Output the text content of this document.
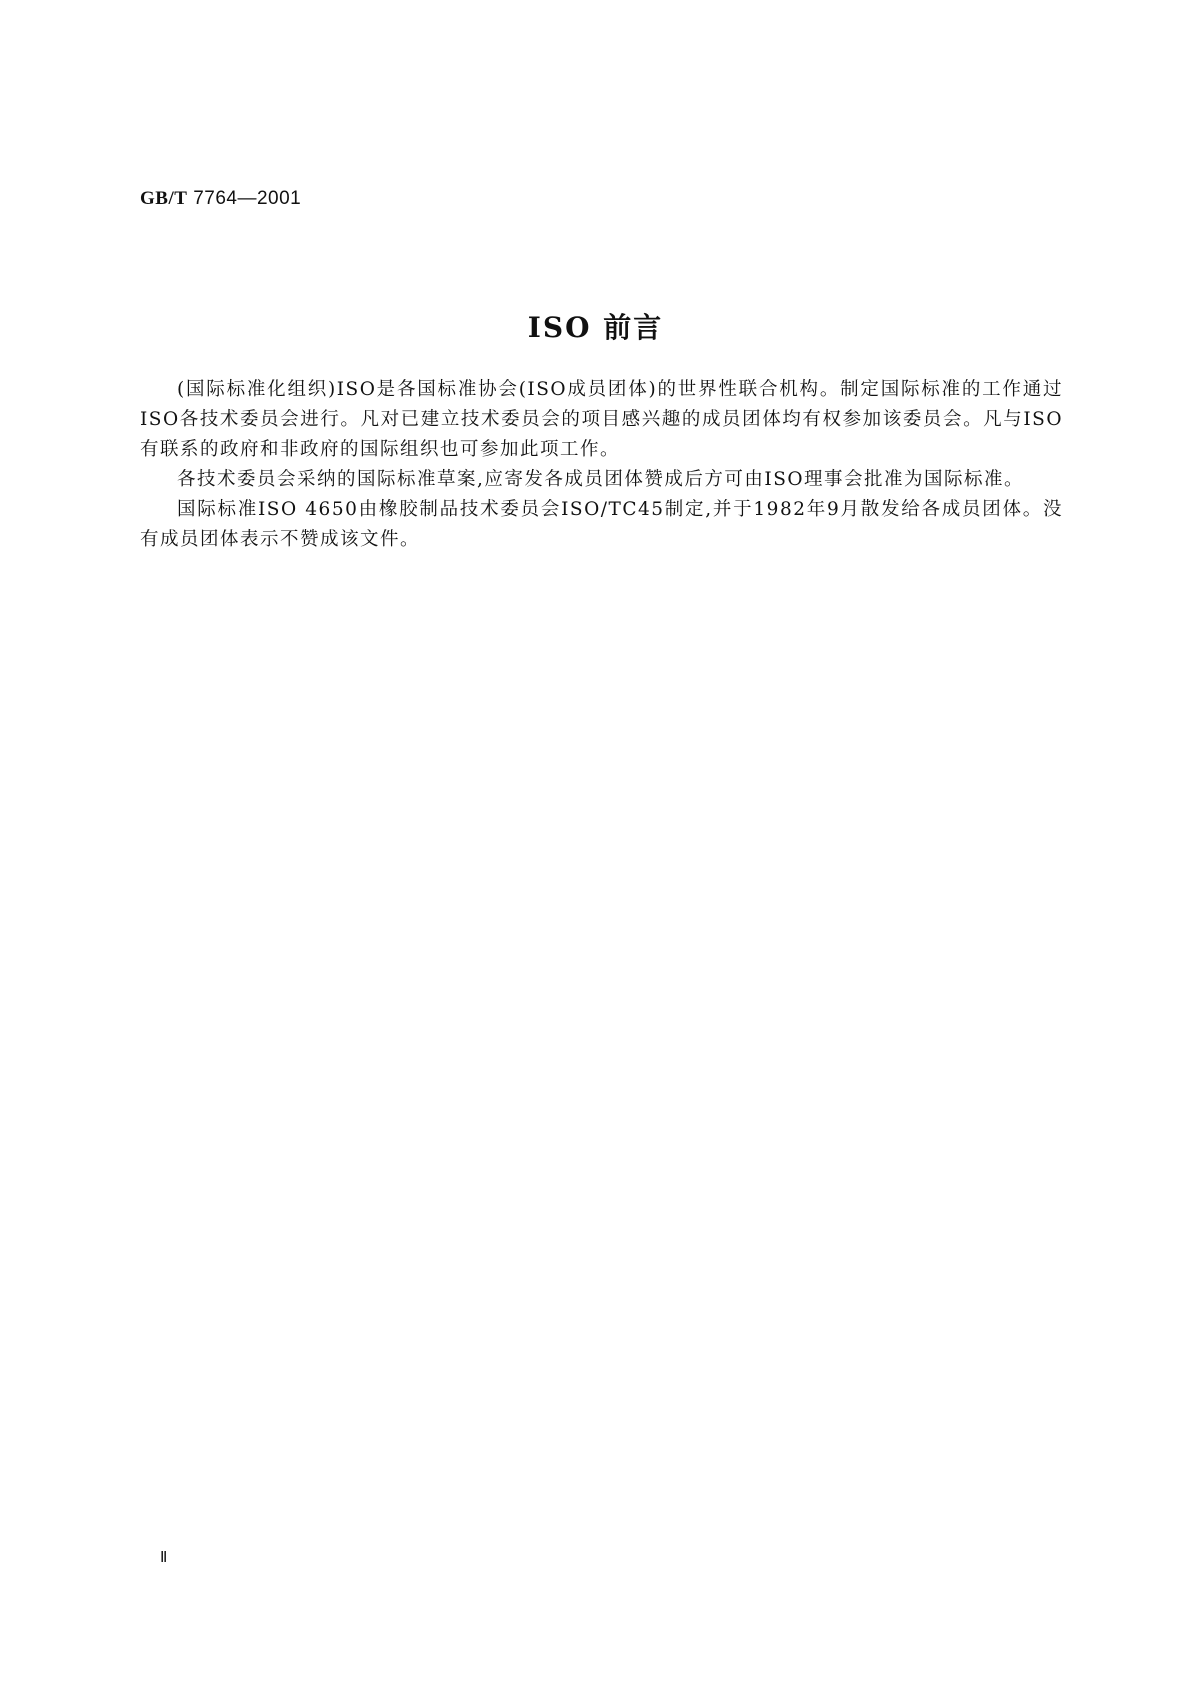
GB/T 7764—2001
ISO 前言

(国际标准化组织)ISO是各国标准协会(ISO成员团体)的世界性联合机构。制定国际标准的工作通过ISO各技术委员会进行。凡对已建立技术委员会的项目感兴趣的成员团体均有权参加该委员会。凡与ISO有联系的政府和非政府的国际组织也可参加此项工作。

各技术委员会采纳的国际标准草案,应寄发各成员团体赞成后方可由ISO理事会批准为国际标准。

国际标准ISO 4650由橡胶制品技术委员会ISO/TC45制定,并于1982年9月散发给各成员团体。没有成员团体表示不赞成该文件。

Ⅱ
